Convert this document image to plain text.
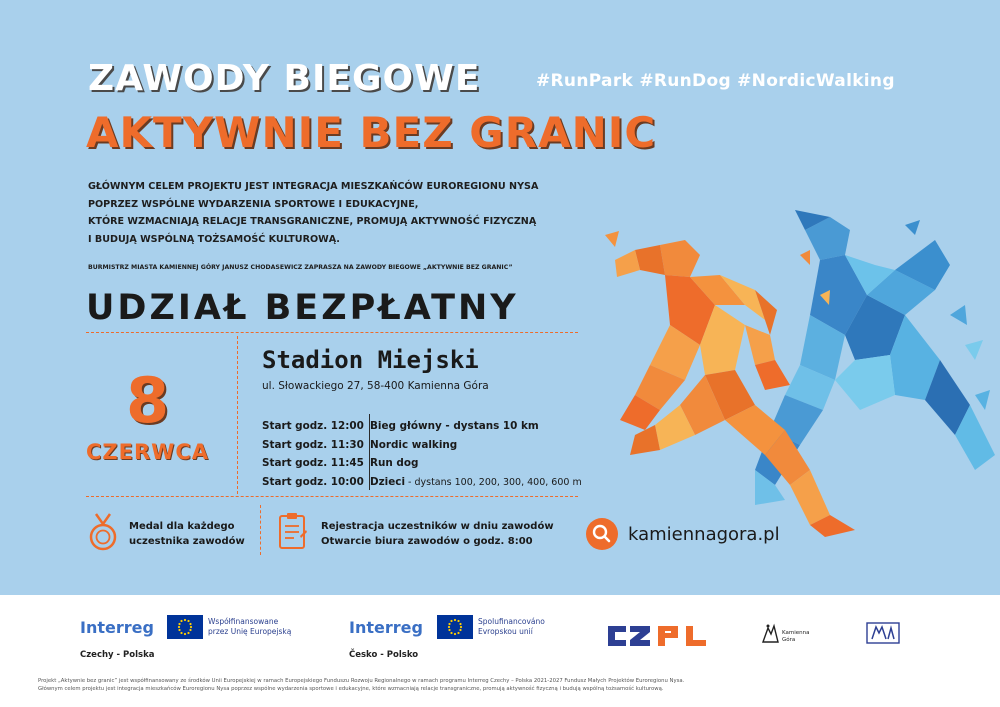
ZAWODY BIEGOWE	#RunPark #RunDog #NordicWalking
AKTYWNIE BEZ GRANIC
GŁÓWNYM CELEM PROJEKTU JEST INTEGRACJA MIESZKAŃCÓW EUROREGIONU NYSA
POPRZEZ WSPÓLNE WYDARZENIA SPORTOWE I EDUKACYJNE,
KTÓRE WZMACNIAJĄ RELACJE TRANSGRANICZNE, PROMUJĄ AKTYWNOŚĆ FIZYCZNĄ
I BUDUJĄ WSPÓLNĄ TOŻSAMOŚĆ KULTUROWĄ.
BURMISTRZ MIASTA KAMIENNEJ GÓRY JANUSZ CHODASEWICZ ZAPRASZA NA ZAWODY BIEGOWE „AKTYWNIE BEZ GRANIC”
UDZIAŁ BEZPŁATNY
8
CZERWCA
Stadion Miejski
ul. Słowackiego 27, 58-400 Kamienna Góra
Start godz. 12:00 Bieg główny - dystans 10 km
Start godz. 11:30 Nordic walking
Start godz. 11:45 Run dog
Start godz. 10:00 Dzieci - dystans 100, 200, 300, 400, 600 m
Medal dla każdego
uczestnika zawodów
Rejestracja uczestników w dniu zawodów
Otwarcie biura zawodów o godz. 8:00	kamiennagora.pl
Interreg
Czechy - Polska
Współfinansowane
przez Unię Europejską	Interreg
Česko - Polsko
Spolufinancováno
Evropskou unií	Kamienna
Góra
Projekt „Aktywnie bez granic” jest współfinansowany ze środków Unii Europejskiej w ramach Europejskiego Funduszu Rozwoju Regionalnego w ramach programu Interreg Czechy – Polska 2021-2027 Fundusz Małych Projektów Euroregionu Nysa.
Głównym celem projektu jest integracja mieszkańców Euroregionu Nysa poprzez wspólne wydarzenia sportowe i edukacyjne, które wzmacniają relacje transgraniczne, promują aktywność fizyczną i budują wspólną tożsamość kulturową.
